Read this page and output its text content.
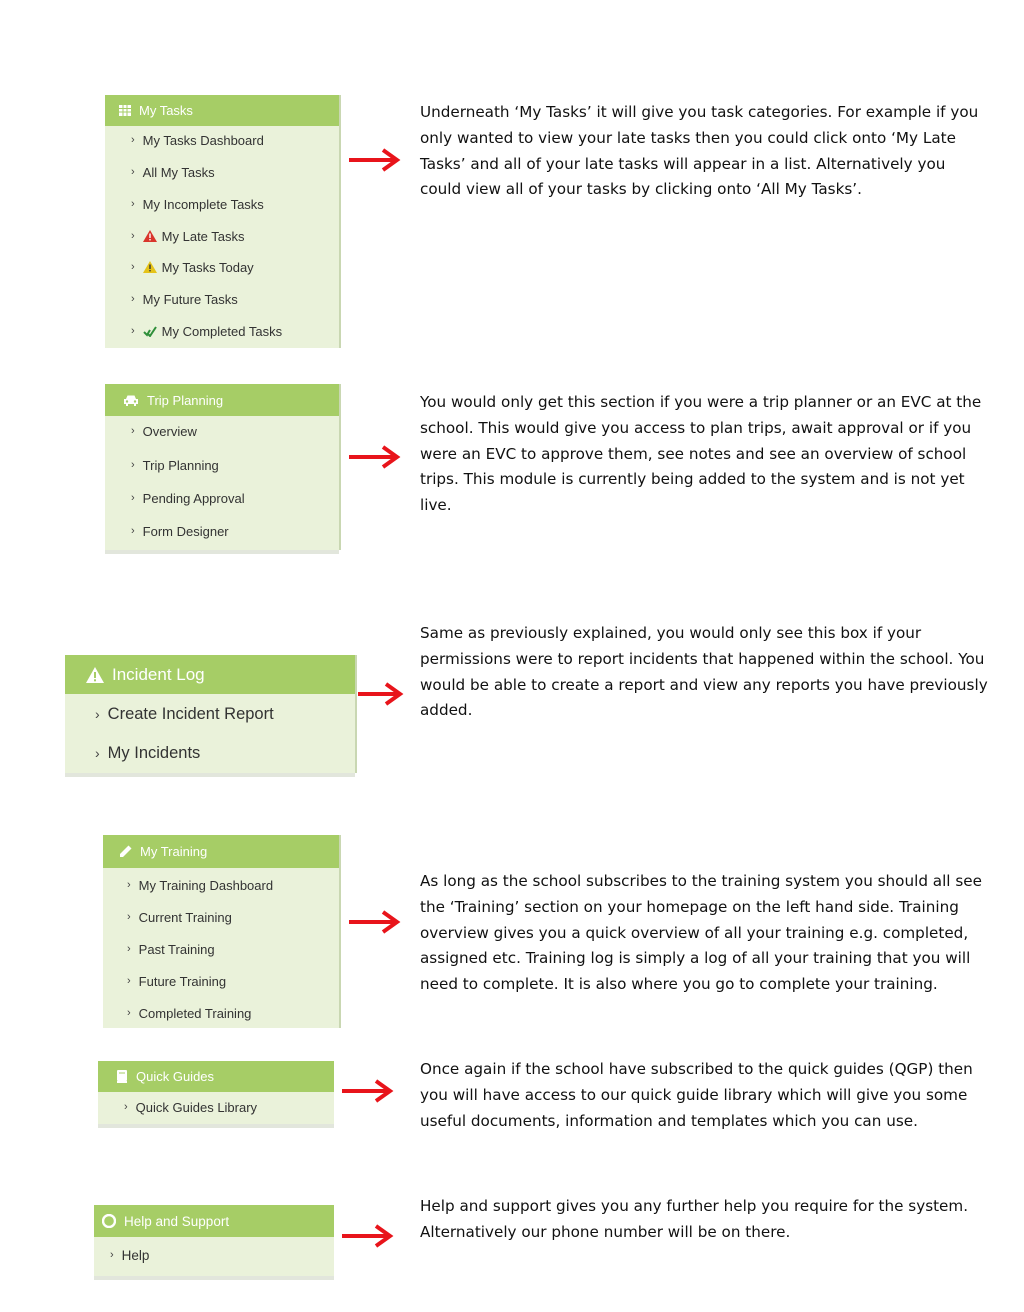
My Tasks
› My Tasks Dashboard
› All My Tasks
› My Incomplete Tasks
› My Late Tasks
› My Tasks Today
› My Future Tasks
› My Completed Tasks

Underneath ‘My Tasks’ it will give you task categories. For example if you only wanted to view your late tasks then you could click onto ‘My Late Tasks’ and all of your late tasks will appear in a list. Alternatively you could view all of your tasks by clicking onto ‘All My Tasks’.

Trip Planning
› Overview
› Trip Planning
› Pending Approval
› Form Designer

You would only get this section if you were a trip planner or an EVC at the school. This would give you access to plan trips, await approval or if you were an EVC to approve them, see notes and see an overview of school trips. This module is currently being added to the system and is not yet live.

Incident Log
› Create Incident Report
› My Incidents

Same as previously explained, you would only see this box if your permissions were to report incidents that happened within the school. You would be able to create a report and view any reports you have previously added.

My Training
› My Training Dashboard
› Current Training
› Past Training
› Future Training
› Completed Training

As long as the school subscribes to the training system you should all see the ‘Training’ section on your homepage on the left hand side. Training overview gives you a quick overview of all your training e.g. completed, assigned etc. Training log is simply a log of all your training that you will need to complete. It is also where you go to complete your training.

Quick Guides
› Quick Guides Library

Once again if the school have subscribed to the quick guides (QGP) then you will have access to our quick guide library which will give you some useful documents, information and templates which you can use.

Help and Support
› Help

Help and support gives you any further help you require for the system. Alternatively our phone number will be on there.
